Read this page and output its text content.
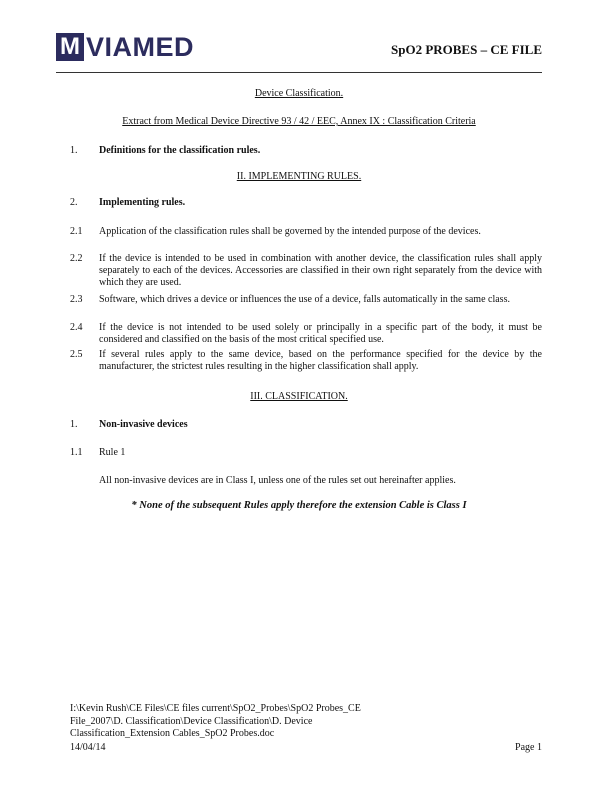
M VIAMED	SpO2 PROBES – CE FILE
Device Classification.
Extract from Medical Device Directive 93 / 42 / EEC, Annex IX : Classification Criteria
1. Definitions for the classification rules.
II. IMPLEMENTING RULES.
2. Implementing rules.
2.1 Application of the classification rules shall be governed by the intended purpose of the devices.
2.2 If the device is intended to be used in combination with another device, the classification rules shall apply separately to each of the devices. Accessories are classified in their own right separately from the device with which they are used.
2.3 Software, which drives a device or influences the use of a device, falls automatically in the same class.
2.4 If the device is not intended to be used solely or principally in a specific part of the body, it must be considered and classified on the basis of the most critical specified use.
2.5 If several rules apply to the same device, based on the performance specified for the device by the manufacturer, the strictest rules resulting in the higher classification shall apply.
III. CLASSIFICATION.
1. Non-invasive devices
1.1 Rule 1
All non-invasive devices are in Class I, unless one of the rules set out hereinafter applies.
* None of the subsequent Rules apply therefore the extension Cable is Class I
I:\Kevin Rush\CE Files\CE files current\SpO2_Probes\SpO2 Probes_CE File_2007\D. Classification\Device Classification\D. Device Classification_Extension Cables_SpO2 Probes.doc
14/04/14	Page 1
